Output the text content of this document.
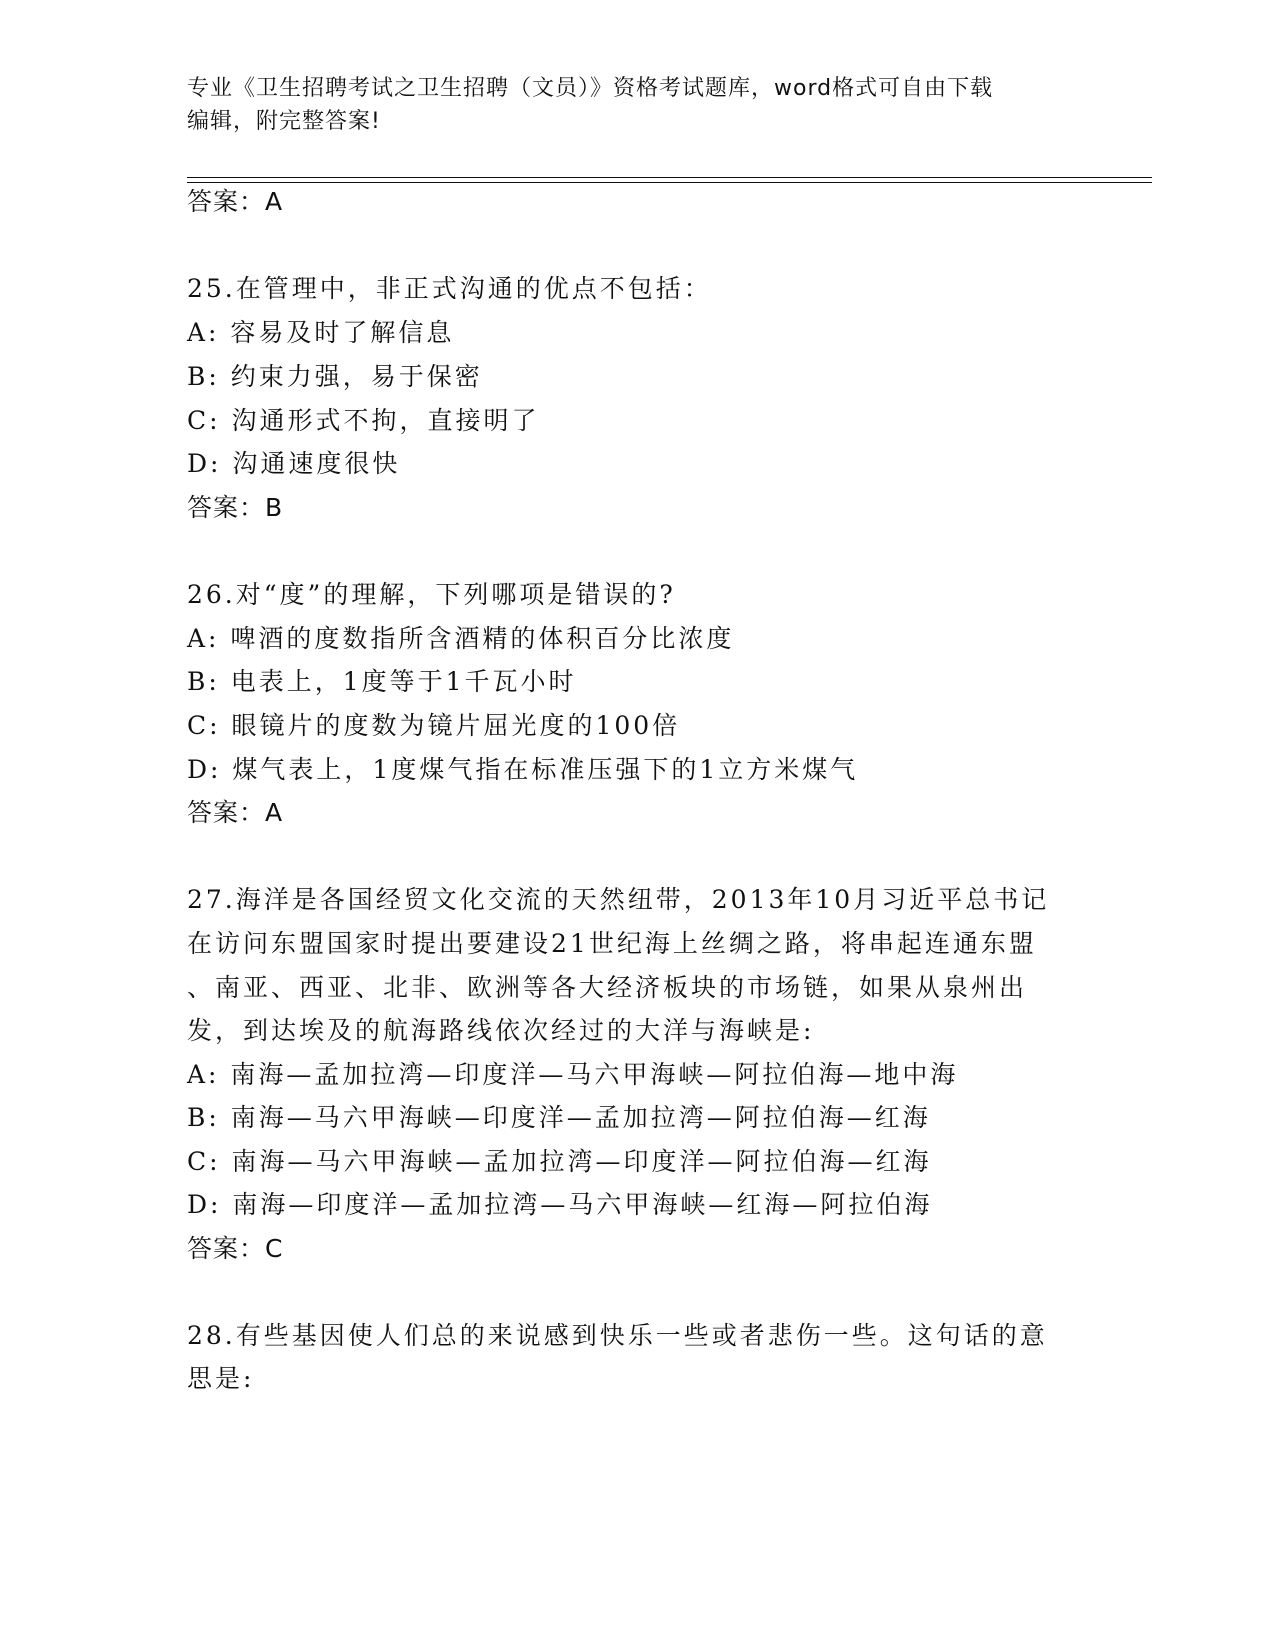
专业《卫生招聘考试之卫生招聘（文员）》资格考试题库，word格式可自由下载
编辑，附完整答案!
答案：A
25.在管理中，非正式沟通的优点不包括：
A: 容易及时了解信息
B: 约束力强，易于保密
C: 沟通形式不拘，直接明了
D: 沟通速度很快
答案：B
26.对“度”的理解，下列哪项是错误的?
A: 啤酒的度数指所含酒精的体积百分比浓度
B: 电表上，1度等于1千瓦小时
C: 眼镜片的度数为镜片屈光度的100倍
D: 煤气表上，1度煤气指在标准压强下的1立方米煤气
答案：A
27.海洋是各国经贸文化交流的天然纽带，2013年10月习近平总书记
在访问东盟国家时提出要建设21世纪海上丝绸之路，将串起连通东盟
、南亚、西亚、北非、欧洲等各大经济板块的市场链，如果从泉州出
发，到达埃及的航海路线依次经过的大洋与海峡是:
A: 南海—孟加拉湾—印度洋—马六甲海峡—阿拉伯海—地中海
B: 南海—马六甲海峡—印度洋—孟加拉湾—阿拉伯海—红海
C: 南海—马六甲海峡—孟加拉湾—印度洋—阿拉伯海—红海
D: 南海—印度洋—孟加拉湾—马六甲海峡—红海—阿拉伯海
答案：C
28.有些基因使人们总的来说感到快乐一些或者悲伤一些。这句话的意
思是:
